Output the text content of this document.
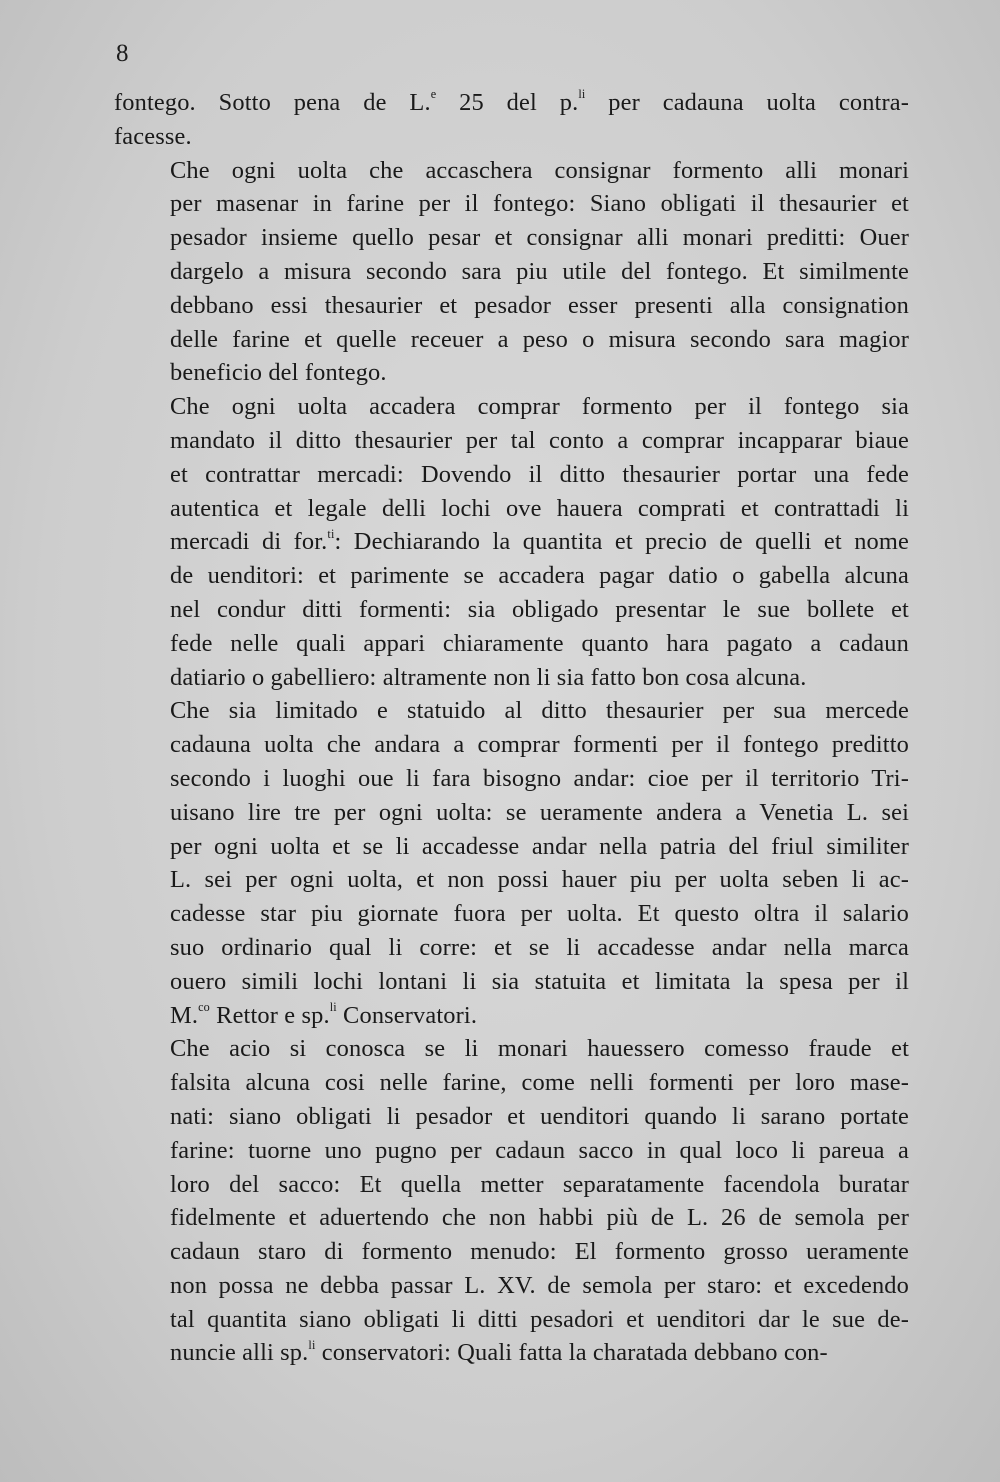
8

fontego. Sotto pena de L.$^e$ 25 del p.$^{li}$ per cadauna uolta contra-
facesse.

Che ogni uolta che accaschera consignar formento alli monari
per masenar in farine per il fontego: Siano obligati il thesaurier et
pesador insieme quello pesar et consignar alli monari preditti: Ouer
dargelo a misura secondo sara piu utile del fontego. Et similmente
debbano essi thesaurier et pesador esser presenti alla consignation
delle farine et quelle receuer a peso o misura secondo sara magior
beneficio del fontego.

Che ogni uolta accadera comprar formento per il fontego sia
mandato il ditto thesaurier per tal conto a comprar incapparar biaue
et contrattar mercadi: Dovendo il ditto thesaurier portar una fede
autentica et legale delli lochi ove hauera comprati et contrattadi li
mercadi di for.$^{ti}$: Dechiarando la quantita et precio de quelli et nome
de uenditori: et parimente se accadera pagar datio o gabella alcuna
nel condur ditti formenti: sia obligado presentar le sue bollete et
fede nelle quali appari chiaramente quanto hara pagato a cadaun
datiario o gabelliero: altramente non li sia fatto bon cosa alcuna.

Che sia limitado e statuido al ditto thesaurier per sua mercede
cadauna uolta che andara a comprar formenti per il fontego preditto
secondo i luoghi oue li fara bisogno andar: cioe per il territorio Tri-
uisano lire tre per ogni uolta: se ueramente andera a Venetia L. sei
per ogni uolta et se li accadesse andar nella patria del friul similiter
L. sei per ogni uolta, et non possi hauer piu per uolta seben li ac-
cadesse star piu giornate fuora per uolta. Et questo oltra il salario
suo ordinario qual li corre: et se li accadesse andar nella marca
ouero simili lochi lontani li sia statuita et limitata la spesa per il
M.$^{co}$ Rettor e sp.$^{li}$ Conservatori.

Che acio si conosca se li monari hauessero comesso fraude et
falsita alcuna cosi nelle farine, come nelli formenti per loro mase-
nati: siano obligati li pesador et uenditori quando li sarano portate
farine: tuorne uno pugno per cadaun sacco in qual loco li pareua a
loro del sacco: Et quella metter separatamente facendola buratar
fidelmente et aduertendo che non habbi più de L. 26 de semola per
cadaun staro di formento menudo: El formento grosso ueramente
non possa ne debba passar L. XV. de semola per staro: et excedendo
tal quantita siano obligati li ditti pesadori et uenditori dar le sue de-
nuncie alli sp.$^{li}$ conservatori: Quali fatta la charatada debbano con-
